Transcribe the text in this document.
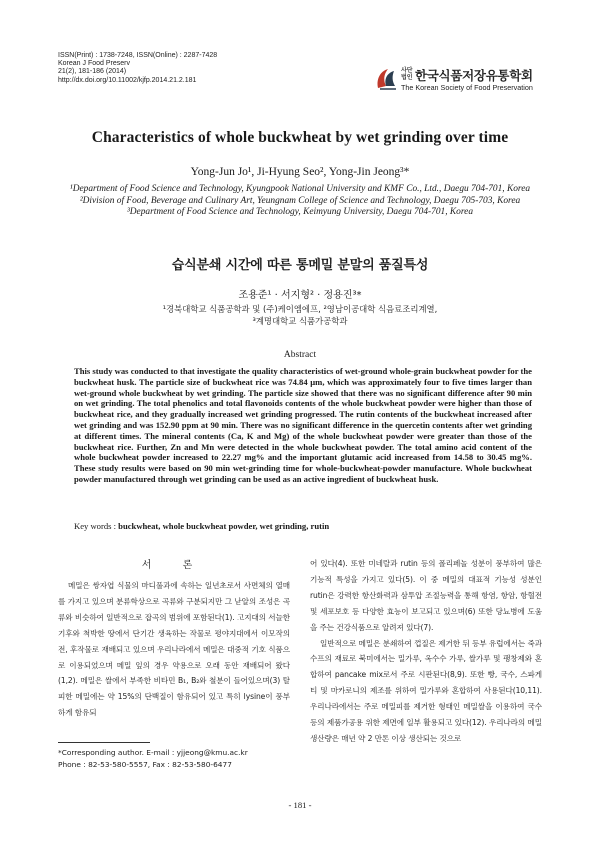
ISSN(Print) : 1738-7248, ISSN(Online) : 2287-7428
Korean J Food Preserv
21(2), 181-186 (2014)
http://dx.doi.org/10.11002/kjfp.2014.21.2.181
사단 법인 한국식품저장유통학회
The Korean Society of Food Preservation
Characteristics of whole buckwheat by wet grinding over time
Yong-Jun Jo¹, Ji-Hyung Seo², Yong-Jin Jeong³*
¹Department of Food Science and Technology, Kyungpook National University and KMF Co., Ltd., Daegu 704-701, Korea
²Division of Food, Beverage and Culinary Art, Yeungnam College of Science and Technology, Daegu 705-703, Korea
³Department of Food Science and Technology, Keimyung University, Daegu 704-701, Korea
습식분쇄 시간에 따른 통메밀 분말의 품질특성
조용준¹ · 서지형² · 정용진³*
¹경북대학교 식품공학과 및 (주)케이엠에프, ²영남이공대학 식음료조리계열,
³계명대학교 식품가공학과
Abstract
This study was conducted to that investigate the quality characteristics of wet-ground whole-grain buckwheat powder for the buckwheat husk. The particle size of buckwheat rice was 74.84 μm, which was approximately four to five times larger than wet-ground whole buckwheat by wet grinding. The particle size showed that there was no significant difference after 90 min on wet grinding. The total phenolics and total flavonoids contents of the whole buckwheat powder were higher than those of buckwheat rice, and they gradually increased wet grinding progressed. The rutin contents of the buckwheat increased after wet grinding and was 152.90 ppm at 90 min. There was no significant difference in the quercetin contents after wet grinding at different times. The mineral contents (Ca, K and Mg) of the whole buckwheat powder were greater than those of the buckwheat rice. Further, Zn and Mn were detected in the whole buckwheat powder. The total amino acid content of the whole buckwheat powder increased to 22.27 mg% and the important glutamic acid increased from 14.58 to 30.45 mg%. These study results were based on 90 min wet-grinding time for whole-buckwheat-powder manufacture. Whole buckwheat powder manufactured through wet grinding can be used as an active ingredient of buckwheat husk.
Key words : buckwheat, whole buckwheat powder, wet grinding, rutin
서 론

메밀은 쌍자엽 식물의 마디풀과에 속하는 일년초로서 사면체의 열매를 가지고 있으며 분류학상으로 곡류와 구분되지만 그 낟알의 조성은 곡류와 비슷하여 일반적으로 잡곡의 범위에 포함된다(1). 고지대의 서늘한 기후와 척박한 땅에서 단기간 생육하는 작물로 평야지대에서 이모작의 전, 후작물로 재배되고 있으며 우리나라에서 메밀은 대중적 기호 식품으로 이용되었으며 메밀 잎의 경우 약용으로 오래 동안 재배되어 왔다(1,2). 메밀은 쌀에서 부족한 비타민 B₁, B₂와 철분이 들어있으며(3) 탈피한 메밀에는 약 15%의 단백질이 함유되어 있고 특히 lysine이 풍부하게 함유되

어 있다(4). 또한 미네랄과 rutin 등의 폴리페놀 성분이 풍부하여 많은 기능적 특성을 가지고 있다(5). 이 중 메밀의 대표적 기능성 성분인 rutin은 강력한 항산화력과 삼투압 조절능력을 통해 항염, 항암, 항혈전 및 세포보호 등 다양한 효능이 보고되고 있으며(6) 또한 당뇨병에 도움을 주는 건강식품으로 알려져 있다(7).

일반적으로 메밀은 분쇄하여 껍질은 제거한 뒤 등부 유럽에서는 죽과 수프의 재료로 북미에서는 밀가루, 옥수수 가루, 쌀가루 및 팽창제와 혼합하여 pancake mix로서 주로 시판된다(8,9). 또한 빵, 국수, 스파게티 및 마카로니의 제조를 위하여 밀가루와 혼합하여 사용된다(10,11). 우리나라에서는 주로 메밀피를 제거한 형태인 메밀쌀을 이용하여 국수 등의 제품가공용 위한 제면에 일부 활용되고 있다(12). 우리나라의 메밀 생산량은 매년 약 2 만톤 이상 생산되는 것으로

*Corresponding author. E-mail : yjjeong@kmu.ac.kr
Phone : 82-53-580-5557, Fax : 82-53-580-6477
- 181 -
